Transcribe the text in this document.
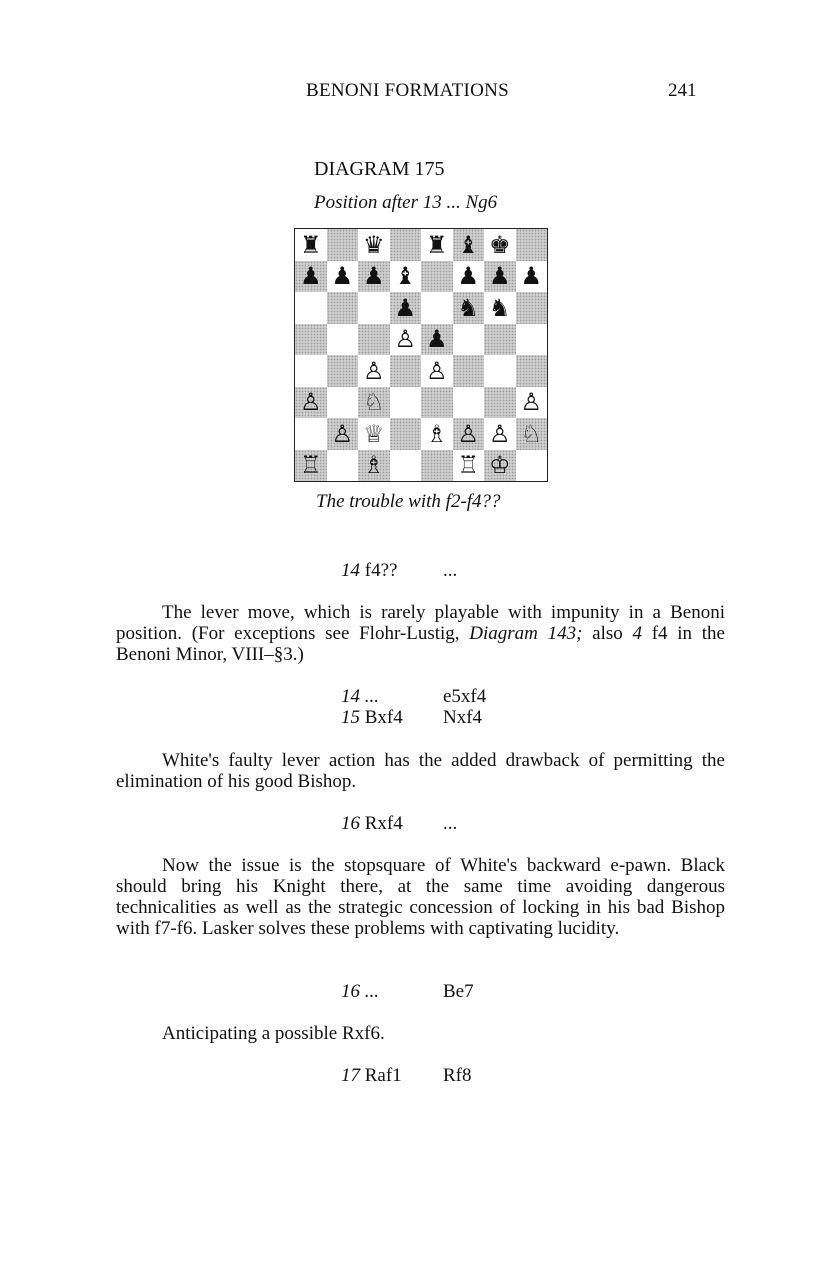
BENONI FORMATIONS	241
DIAGRAM 175
Position after 13 ... Ng6
♜ ♛ ♜ ♝ ♚
♟ ♟ ♟ ♝ ♟ ♟ ♟
♟ ♞ ♞
♙ ♟
♙ ♙
♙ ♘	♙
♙ ♕ ♗ ♙ ♙ ♘
♖ ♗	♖ ♔
The trouble with f2-f4??
14 f4?? ...

The lever move, which is rarely playable with impunity in a Benoni position. (For exceptions see Flohr-Lustig, Diagram 143; also 4 f4 in the Benoni Minor, VIII–§3.)

14 ...	e5xf4
15 Bxf4 Nxf4
White's faulty lever action has the added drawback of permitting the elimination of his good Bishop.
16 Rxf4 ...
Now the issue is the stopsquare of White's backward e-pawn. Black should bring his Knight there, at the same time avoiding dangerous technicalities as well as the strategic concession of locking in his bad Bishop with f7-f6. Lasker solves these problems with captivating lucidity.
16 ...	Be7
Anticipating a possible Rxf6.
17 Raf1 Rf8
